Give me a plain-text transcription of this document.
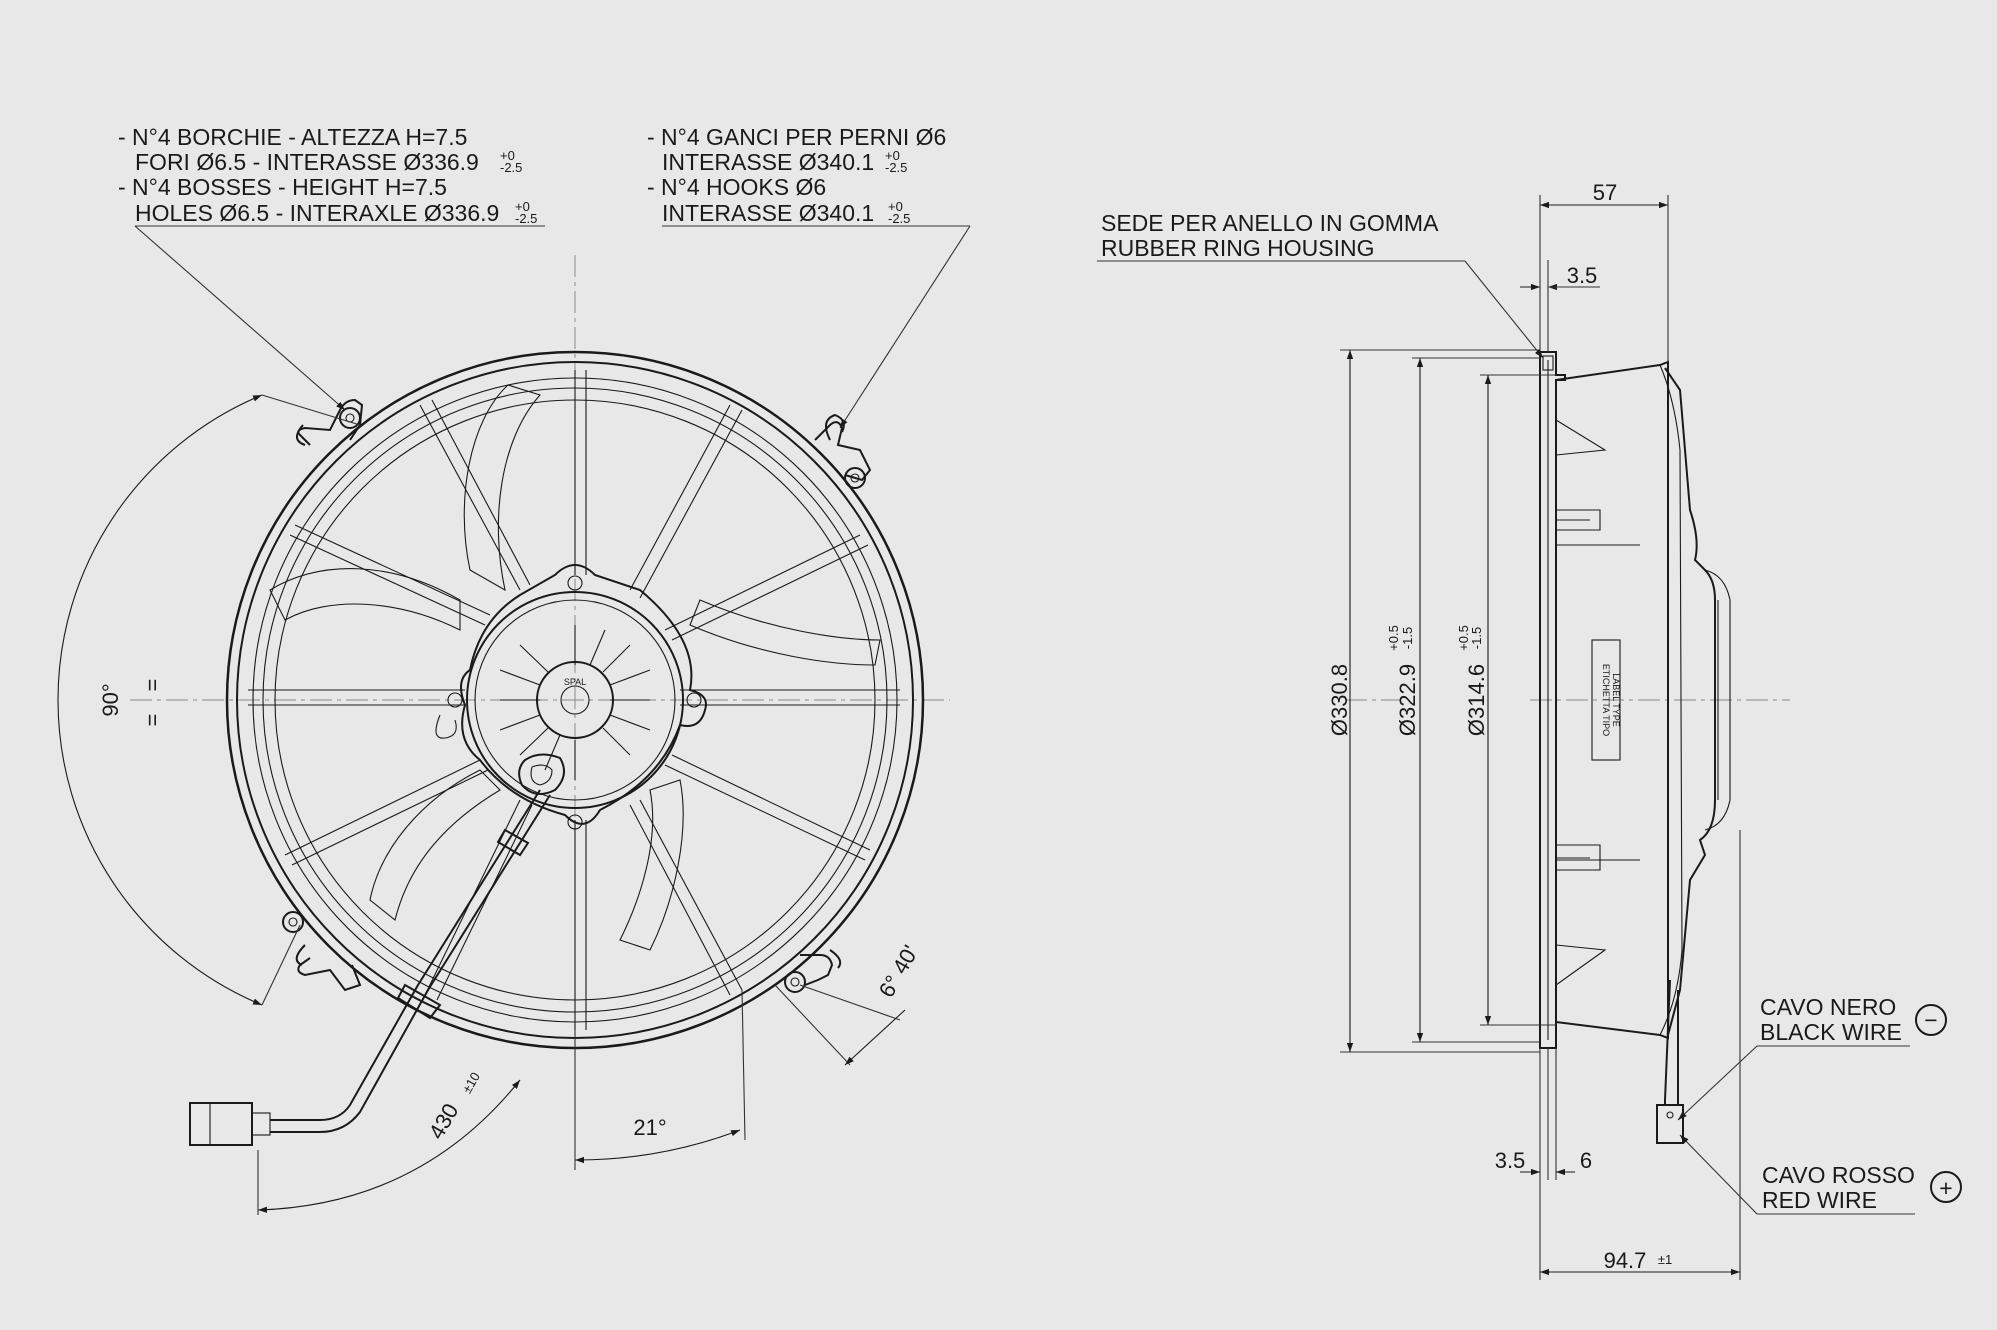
SPAL
90° =
=
21°
6° 40'
430
±10
- N°4 BORCHIE - ALTEZZA H=7.5
FORI Ø6.5 - INTERASSE Ø336.9 +0
-2.5
- N°4 BOSSES - HEIGHT H=7.5
HOLES Ø6.5 - INTERAXLE Ø336.9 +0
-2.5
- N°4 GANCI PER PERNI Ø6
INTERASSE Ø340.1 +0
-2.5
- N°4 HOOKS Ø6
INTERASSE Ø340.1 +0
-2.5
ETICHETTA TIPO LABEL TYPE
Ø330.8 Ø322.9
+0.5 -1.5
Ø314.6
+0.5
-1.5
57
3.5
3.5 6
94.7 ±1
SEDE PER ANELLO IN GOMMA
RUBBER RING HOUSING
CAVO NERO
BLACK WIRE −
CAVO ROSSO
RED WIRE	+
